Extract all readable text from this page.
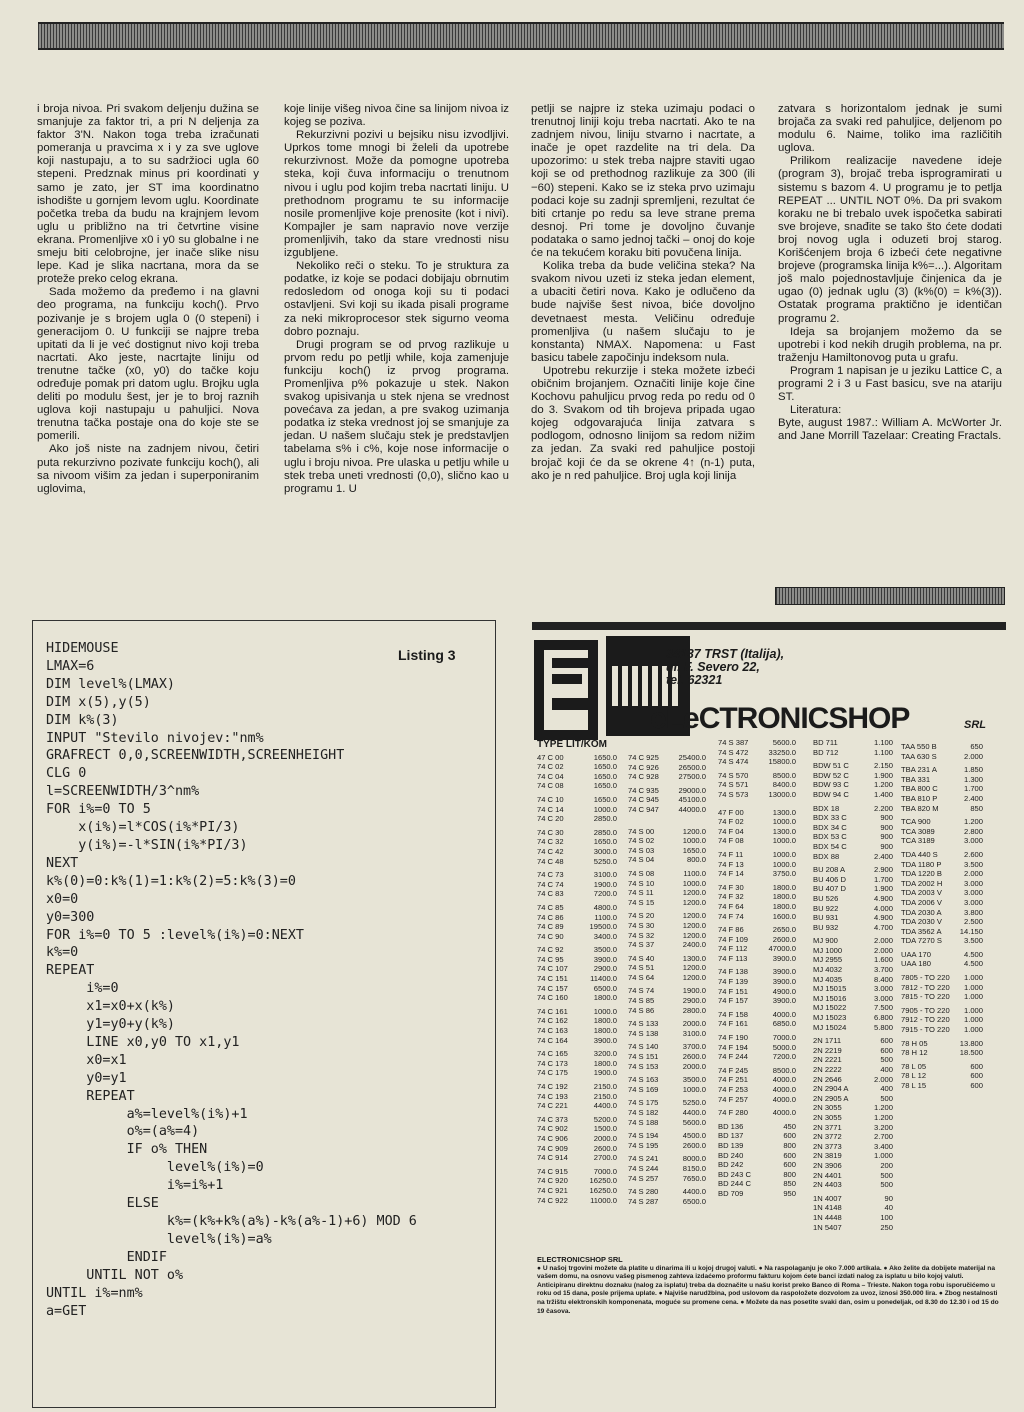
i broja nivoa. Pri svakom deljenju dužina se smanjuje za faktor tri, a pri N deljenja za faktor 3'N. Nakon toga treba izračunati pomeranja u pravcima x i y za sve uglove koji nastupaju, a to su sadržioci ugla 60 stepeni. Predznak minus pri koordinati y samo je zato, jer ST ima koordinatno ishodište u gornjem levom uglu. Koordinate početka treba da budu na krajnjem levom uglu u približno na tri četvrtine visine ekrana. Promenljive x0 i y0 su globalne i ne smeju biti celobrojne, jer inače slike nisu lepe. Kad je slika nacrtana, mora da se proteže preko celog ekrana.

Sada možemo da pređemo i na glavni deo programa, na funkciju koch(). Prvo pozivanje je s brojem ugla 0 (0 stepeni) i generacijom 0. U funkciji se najpre treba upitati da li je već dostignut nivo koji treba nacrtati. Ako jeste, nacrtajte liniju od trenutne tačke (x0, y0) do tačke koju određuje pomak pri datom uglu. Brojku ugla deliti po modulu šest, jer je to broj raznih uglova koji nastupaju u pahuljici. Nova trenutna tačka postaje ona do koje ste se pomerili.

Ako još niste na zadnjem nivou, četiri puta rekurzivno pozivate funkciju koch(), ali sa nivoom višim za jedan i superponiranim uglovima,

koje linije višeg nivoa čine sa linijom nivoa iz kojeg se poziva.

Rekurzivni pozivi u bejsiku nisu izvodljivi. Uprkos tome mnogi bi želeli da upotrebe rekurzivnost. Može da pomogne upotreba steka, koji čuva informaciju o trenutnom nivou i uglu pod kojim treba nacrtati liniju. U prethodnom programu te su informacije nosile promenljive koje prenosite (kot i nivi). Kompajler je sam napravio nove verzije promenljivih, tako da stare vrednosti nisu izgubljene.

Nekoliko reči o steku. To je struktura za podatke, iz koje se podaci dobijaju obrnutim redosledom od onoga koji su ti podaci ostavljeni. Svi koji su ikada pisali programe za neki mikroprocesor stek sigurno veoma dobro poznaju.

Drugi program se od prvog razlikuje u prvom redu po petlji while, koja zamenjuje funkciju koch() iz prvog programa. Promenljiva p% pokazuje u stek. Nakon svakog upisivanja u stek njena se vrednost povećava za jedan, a pre svakog uzimanja podatka iz steka vrednost joj se smanjuje za jedan. U našem slučaju stek je predstavljen tabelama s% i c%, koje nose informacije o uglu i broju nivoa. Pre ulaska u petlju while u stek treba uneti vrednosti (0,0), slično kao u programu 1. U

petlji se najpre iz steka uzimaju podaci o trenutnoj liniji koju treba nacrtati. Ako te na zadnjem nivou, liniju stvarno i nacrtate, a inače je opet razdelite na tri dela. Da upozorimo: u stek treba najpre staviti ugao koji se od prethodnog razlikuje za 300 (ili −60) stepeni. Kako se iz steka prvo uzimaju podaci koje su zadnji spremljeni, rezultat će biti crtanje po redu sa leve strane prema desnoj. Pri tome je dovoljno čuvanje podataka o samo jednoj tački – onoj do koje će na tekućem koraku biti povučena linija.

Kolika treba da bude veličina steka? Na svakom nivou uzeti iz steka jedan element, a ubaciti četiri nova. Kako je odlučeno da bude najviše šest nivoa, biće dovoljno devetnaest mesta. Veličinu određuje promenljiva (u našem slučaju to je konstanta) NMAX. Napomena: u Fast basicu tabele započinju indeksom nula.

Upotrebu rekurzije i steka možete izbeći običnim brojanjem. Označiti linije koje čine Kochovu pahuljicu prvog reda po redu od 0 do 3. Svakom od tih brojeva pripada ugao kojeg odgovarajuća linija zatvara s podlogom, odnosno linijom sa redom nižim za jedan. Za svaki red pahuljice postoji brojač koji će da se okrene 4↑ (n-1) puta, ako je n red pahuljice. Broj ugla koji linija

zatvara s horizontalom jednak je sumi brojača za svaki red pahuljice, deljenom po modulu 6. Naime, toliko ima različitih uglova.

Prilikom realizacije navedene ideje (program 3), brojač treba isprogramirati u sistemu s bazom 4. U programu je to petlja REPEAT ... UNTIL NOT 0%. Da pri svakom koraku ne bi trebalo uvek ispočetka sabirati sve brojeve, snađite se tako što ćete dodati broj novog ugla i oduzeti broj starog. Korišćenjem broja 6 izbeći ćete negativne brojeve (programska linija k%=...). Algoritam još malo pojednostavljuje činjenica da je ugao (0) jednak uglu (3) (k%(0) = k%(3)). Ostatak programa praktično je identičan programu 2.

Ideja sa brojanjem možemo da se upotrebi i kod nekih drugih problema, na pr. traženju Hamiltonovog puta u grafu.

Program 1 napisan je u jeziku Lattice C, a programi 2 i 3 u Fast basicu, sve na atariju ST.

Literatura:
Byte, august 1987.: William A. McWorter Jr. and Jane Morrill Tazelaar: Creating Fractals.

HIDEMOUSE
LMAX=6
DIM level%(LMAX)
DIM x(5),y(5)
DIM k%(3)
INPUT "Stevilo nivojev:"nm%
GRAFRECT 0,0,SCREENWIDTH,SCREENHEIGHT
CLG 0
l=SCREENWIDTH/3^nm%
FOR i%=0 TO 5
x(i%)=l*COS(i%*PI/3)
y(i%)=-l*SIN(i%*PI/3)
NEXT
k%(0)=0:k%(1)=1:k%(2)=5:k%(3)=0
x0=0
y0=300
FOR i%=0 TO 5 :level%(i%)=0:NEXT
k%=0
REPEAT
i%=0
x1=x0+x(k%)
y1=y0+y(k%)
LINE x0,y0 TO x1,y1
x0=x1
y0=y1
REPEAT
a%=level%(i%)+1
o%=(a%=4)
IF o% THEN
level%(i%)=0
i%=i%+1
ELSE
k%=(k%+k%(a%)-k%(a%-1)+6) MOD 6
level%(i%)=a%
ENDIF
UNTIL NOT o%
UNTIL i%=nm%
a=GET
Listing 3	34137 TRST (Italija),
ul. F. Severo 22,
tel. 62321
eLeCTRONICSHOP	SRL
TYPE LIT/KOM
47 C 00	1650.0
74 C 02	1650.0
74 C 04	1650.0
74 C 08	1650.0

74 C 10	1650.0
74 C 14	1000.0
74 C 20	2850.0

74 C 30	2850.0
74 C 32	1650.0
74 C 42	3000.0
74 C 48	5250.0

74 C 73	3100.0
74 C 74	1900.0
74 C 83	7200.0

74 C 85	4800.0
74 C 86	1100.0
74 C 89	19500.0
74 C 90	3400.0

74 C 92	3500.0
74 C 95	3900.0
74 C 107	2900.0
74 C 151	11400.0
74 C 157	6500.0
74 C 160	1800.0

74 C 161	1000.0
74 C 162	1800.0
74 C 163	1800.0
74 C 164	3900.0

74 C 165	3200.0
74 C 173	1800.0
74 C 175	1900.0

74 C 192	2150.0
74 C 193	2150.0
74 C 221	4400.0

74 C 373	5200.0
74 C 902	1500.0
74 C 906	2000.0
74 C 909	2600.0
74 C 914	2700.0

74 C 915	7000.0
74 C 920	16250.0
74 C 921	16250.0
74 C 922	11000.0
74 C 925	25400.0
74 C 926	26500.0
74 C 928	27500.0

74 C 935	29000.0
74 C 945	45100.0
74 C 947	44000.0

74 S 00	1200.0
74 S 02	1000.0
74 S 03	1650.0
74 S 04	800.0

74 S 08	1100.0
74 S 10	1000.0
74 S 11	1200.0
74 S 15	1200.0

74 S 20	1200.0
74 S 30	1200.0
74 S 32	1200.0
74 S 37	2400.0

74 S 40	1300.0
74 S 51	1200.0
74 S 64	1200.0

74 S 74	1900.0
74 S 85	2900.0
74 S 86	2800.0

74 S 133	2000.0
74 S 138	3100.0

74 S 140	3700.0
74 S 151	2600.0
74 S 153	2000.0

74 S 163	3500.0
74 S 169	1000.0

74 S 175	5250.0
74 S 182	4400.0
74 S 188	5600.0

74 S 194	4500.0
74 S 195	2600.0

74 S 241	8000.0
74 S 244	8150.0
74 S 257	7650.0

74 S 280	4400.0
74 S 287	6500.0
74 S 387	5600.0
74 S 472	33250.0
74 S 474	15800.0

74 S 570	8500.0
74 S 571	8400.0
74 S 573	13000.0

47 F 00	1300.0
74 F 02	1000.0
74 F 04	1300.0
74 F 08	1000.0

74 F 11	1000.0
74 F 13	1000.0
74 F 14	3750.0

74 F 30	1800.0
74 F 32	1800.0
74 F 64	1800.0
74 F 74	1600.0

74 F 86	2650.0
74 F 109	2600.0
74 F 112	47000.0
74 F 113	3900.0

74 F 138	3900.0
74 F 139	3900.0
74 F 151	4900.0
74 F 157	3900.0

74 F 158	4000.0
74 F 161	6850.0

74 F 190	7000.0
74 F 194	5000.0
74 F 244	7200.0

74 F 245	8500.0
74 F 251	4000.0
74 F 253	4000.0
74 F 257	4000.0

74 F 280	4000.0

BD 136	450
BD 137	600
BD 139	800
BD 240	600
BD 242	600
BD 243 C	800
BD 244 C	850
BD 709	950
BD 711	1.100
BD 712	1.100

BDW 51 C	2.150
BDW 52 C	1.900
BDW 93 C	1.200
BDW 94 C	1.400

BDX 18	2.200
BDX 33 C	900
BDX 34 C	900
BDX 53 C	900
BDX 54 C	900
BDX 88	2.400

BU 208 A	2.900
BU 406 D	1.700
BU 407 D	1.900
BU 526	4.900
BU 922	4.000
BU 931	4.900
BU 932	4.700

MJ 900	2.000
MJ 1000	2.000
MJ 2955	1.600
MJ 4032	3.700
MJ 4035	8.400
MJ 15015	3.000
MJ 15016	3.000
MJ 15022	7.500
MJ 15023	6.800
MJ 15024	5.800

2N 1711	600
2N 2219	600
2N 2221	500
2N 2222	400
2N 2646	2.000
2N 2904 A	400
2N 2905 A	500
2N 3055	1.200
2N 3055	1.200
2N 3771	3.200
2N 3772	2.700
2N 3773	3.400
2N 3819	1.000
2N 3906	200
2N 4401	500
2N 4403	500

1N 4007	90
1N 4148	40
1N 4448	100
1N 5407	250
TAA 550 B	650
TAA 630 S	2.000

TBA 231 A	1.850
TBA 331	1.300
TBA 800 C	1.700
TBA 810 P	2.400
TBA 820 M	850

TCA 900	1.200
TCA 3089	2.800
TCA 3189	3.000

TDA 440 S	2.600
TDA 1180 P	3.500
TDA 1220 B	2.000
TDA 2002 H	3.000
TDA 2003 V	3.000
TDA 2006 V	3.000
TDA 2030 A	3.800
TDA 2030 V	2.500
TDA 3562 A 14.150
TDA 7270 S	3.500

UAA 170	4.500
UAA 180	4.500

7805 - TO 220 1.000
7812 - TO 220 1.000
7815 - TO 220 1.000

7905 - TO 220 1.000
7912 - TO 220 1.000
7915 - TO 220 1.000

78 H 05	13.800
78 H 12	18.500

78 L 05	600
78 L 12	600
78 L 15	600
ELECTRONICSHOP SRL
● U našoj trgovini možete da platite u dinarima ili u kojoj drugoj valuti. ● Na raspolaganju je oko 7.000 artikala. ● Ako želite da dobijete materijal na vašem domu, na osnovu vašeg pismenog zahteva izdaćemo proformu fakturu kojom ćete banci izdati nalog za isplatu u bilo kojoj valuti. Anticipiranu direktnu doznaku (nalog za isplatu) treba da doznačite u našu korist preko Banco di Roma – Trieste. Nakon toga robu isporučićemo u roku od 15 dana, posle prijema uplate. ● Najviše narudžbina, pod uslovom da raspoložete dozvolom za uvoz, iznosi 350.000 lira. ● Zbog nestalnosti na tržištu elektronskih komponenata, moguće su promene cena. ● Možete da nas posetite svaki dan, osim u ponedeljak, od 8.30 do 12.30 i od 15 do 19 časova.
